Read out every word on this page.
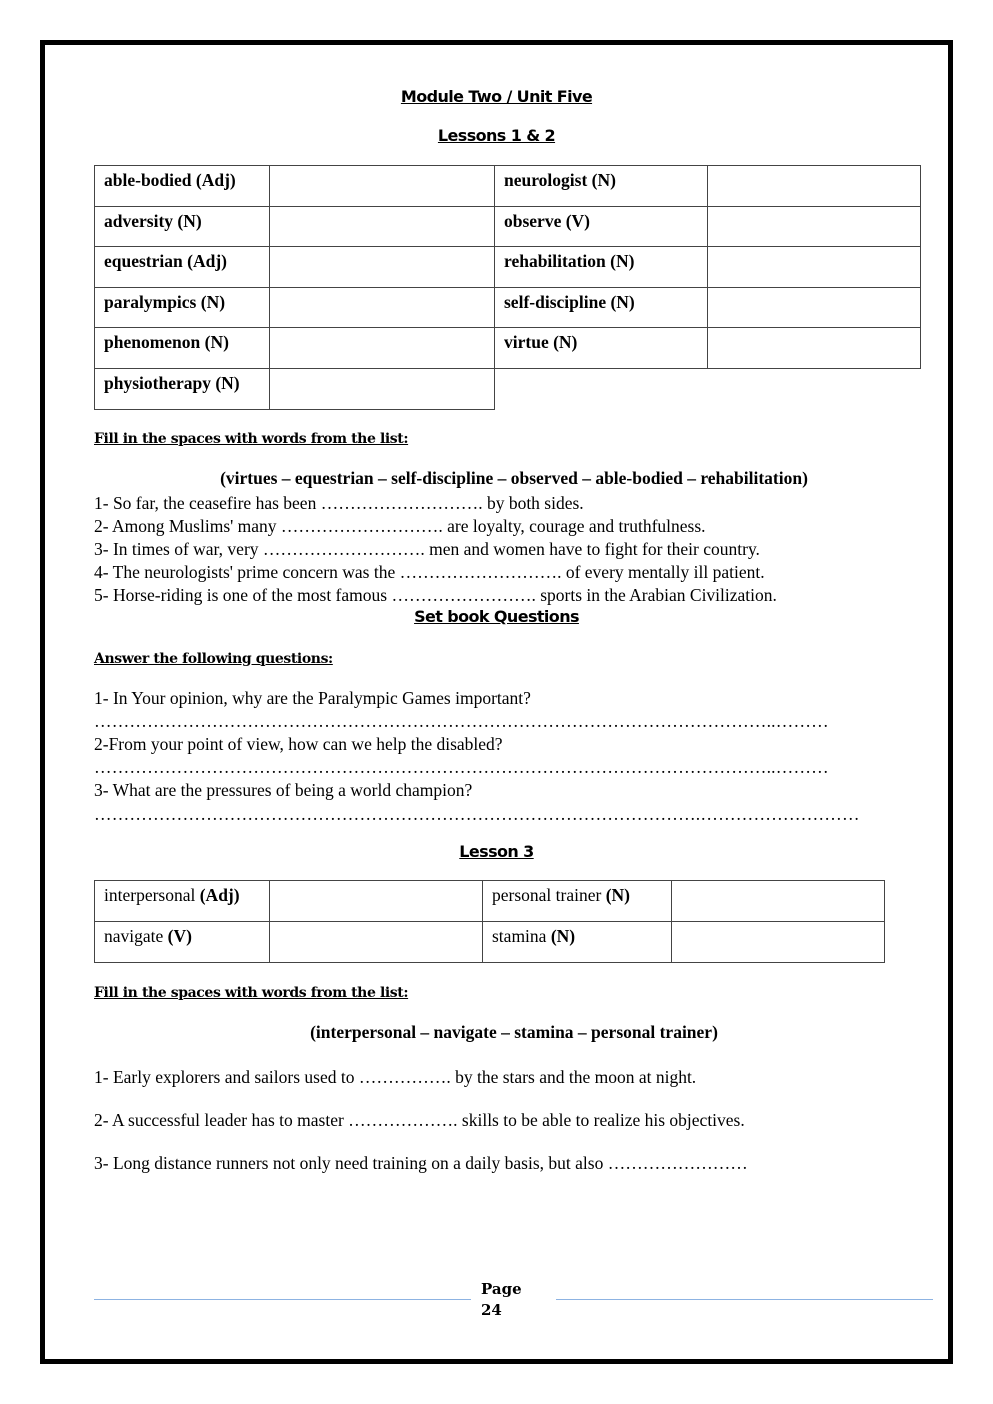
Module Two / Unit Five
Lessons 1 & 2
able-bodied (Adj)		neurologist (N)	
adversity (N)		observe (V)	
equestrian (Adj)		rehabilitation (N)	
paralympics (N)		self-discipline (N)	
phenomenon (N)		virtue (N)	
physiotherapy (N)			
Fill in the spaces with words from the list:
(virtues – equestrian – self-discipline – observed – able-bodied – rehabilitation)
1- So far, the ceasefire has been ………………………. by both sides.
2- Among Muslims' many ………………………. are loyalty, courage and truthfulness.
3- In times of war, very ………………………. men and women have to fight for their country.
4- The neurologists' prime concern was the ………………………. of every mentally ill patient.
5- Horse-riding is one of the most famous ……………………. sports in the Arabian Civilization.
Set book Questions
Answer the following questions:
1- In Your opinion, why are the Paralympic Games important?
……………………………………………………………………………………………………..………
2-From your point of view, how can we help the disabled?
……………………………………………………………………………………………………..………
3- What are the pressures of being a world champion?
………………………………………………………………………………………….………………………
Lesson 3
interpersonal (Adj)		personal trainer (N)	
navigate (V)		stamina (N)	
Fill in the spaces with words from the list:
(interpersonal – navigate – stamina – personal trainer)
1- Early explorers and sailors used to ……………. by the stars and the moon at night.
2- A successful leader has to master ………………. skills to be able to realize his objectives.
3- Long distance runners not only need training on a daily basis, but also ……………………
Page
24
